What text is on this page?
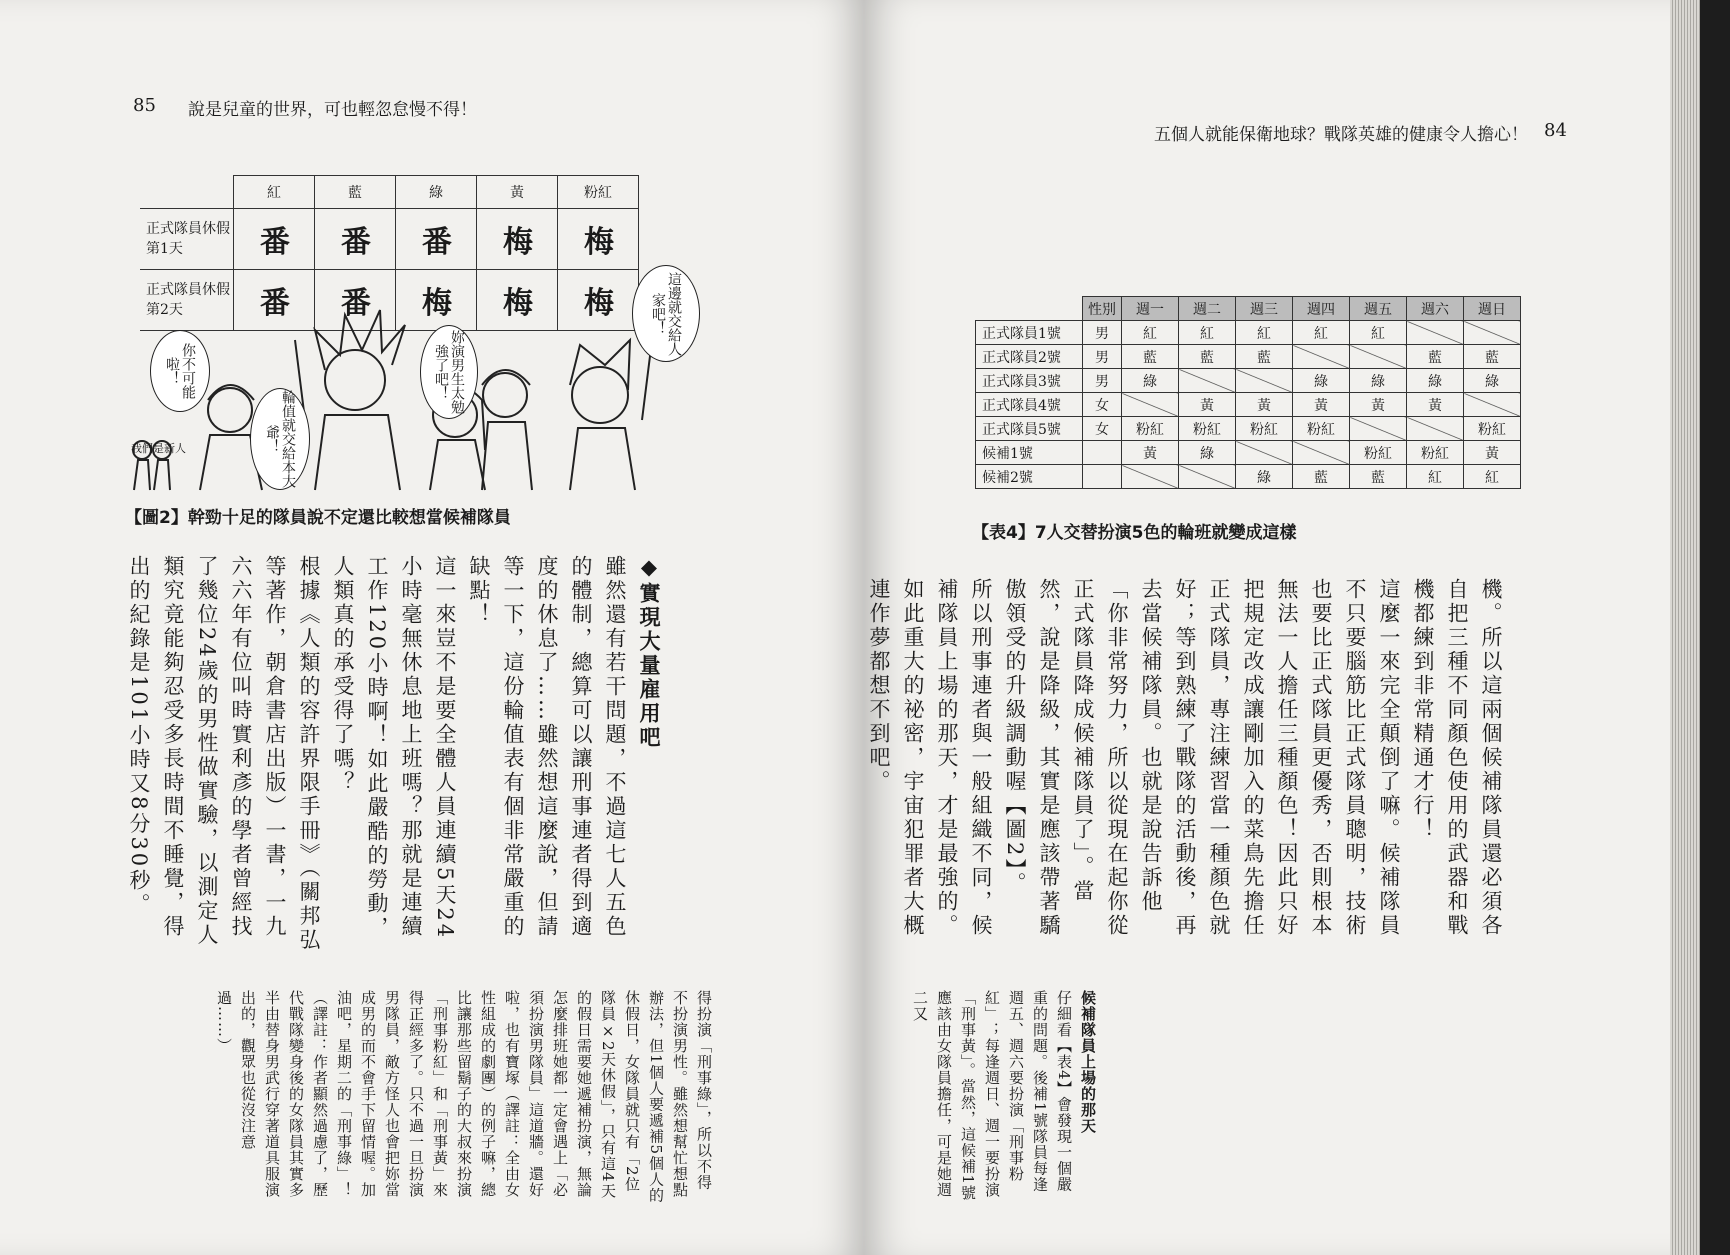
85 說是兒童的世界，可也輕忽怠慢不得！
	紅	藍	綠	黃	粉紅
正式隊員休假第1天	番	番	番	梅	梅
正式隊員休假第2天	番	番	梅	梅	梅
你不可能啦！
輪值就交給本大爺！
妳演男生太勉強了吧！
這邊就交給人家吧！
我們是新人
【圖2】幹勁十足的隊員說不定還比較想當候補隊員

◆實現大量雇用吧

雖然還有若干問題，不過這七人五色的體制，總算可以讓刑事連者得到適度的休息了……雖然想這麼說，但請等一下，這份輪值表有個非常嚴重的缺點！

這一來豈不是要全體人員連續5天24小時毫無休息地上班嗎？那就是連續工作120小時啊！如此嚴酷的勞動，人類真的承受得了嗎？

根據《人類的容許界限手冊》（關邦弘等著作，朝倉書店出版）一書，一九六六年有位叫時實利彥的學者曾經找了幾位24歲的男性做實驗，以測定人類究竟能夠忍受多長時間不睡覺，得出的紀錄是101小時又8分30秒。

得扮演「刑事綠」，所以不得不扮演男性。雖然想幫忙想點辦法，但1個人要遞補5個人的休假日，女隊員就只有「2位隊員×2天休假」，只有這4天的假日需要她遞補扮演，無論怎麼排班她都一定會遇上「必須扮演男隊員」這道牆。還好啦，也有寶塚（譯註：全由女性組成的劇團）的例子嘛，總比讓那些留鬍子的大叔來扮演「刑事粉紅」和「刑事黃」來得正經多了。只不過一旦扮演男隊員，敵方怪人也會把妳當成男的而不會手下留情喔。加油吧，星期二的「刑事綠」！（譯註：作者顯然過慮了，歷代戰隊變身後的女隊員其實多半由替身男武行穿著道具服演出的，觀眾也從沒注意過……）

五個人就能保衛地球？戰隊英雄的健康令人擔心！ 84
【表4】7人交替扮演5色的輪班就變成這樣

機。所以這兩個候補隊員還必須各自把三種不同顏色使用的武器和戰機都練到非常精通才行！

這麼一來完全顛倒了嘛。候補隊員不只要腦筋比正式隊員聰明，技術也要比正式隊員更優秀，否則根本無法一人擔任三種顏色！因此只好把規定改成讓剛加入的菜鳥先擔任正式隊員，專注練習當一種顏色就好；等到熟練了戰隊的活動後，再去當候補隊員。也就是說告訴他「你非常努力，所以從現在起你從正式隊員降成候補隊員了」。當然，說是降級，其實是應該帶著驕傲領受的升級調動喔【圖2】。

所以刑事連者與一般組織不同，候補隊員上場的那天，才是最強的。如此重大的祕密，宇宙犯罪者大概連作夢都想不到吧。

候補隊員上場的那天

仔細看【表4】會發現一個嚴重的問題。後補1號隊員每逢週五、週六要扮演「刑事粉紅」；每逢週日、週一要扮演「刑事黃」。當然，這候補1號應該由女隊員擔任，可是她週二又

	性別	週一	週二	週三	週四	週五	週六	週日
正式隊員1號	男	紅	紅	紅	紅	紅		
正式隊員2號	男	藍	藍	藍			藍	藍
正式隊員3號	男	綠			綠	綠	綠	綠
正式隊員4號	女		黃	黃	黃	黃	黃	
正式隊員5號	女	粉紅	粉紅	粉紅	粉紅			粉紅
候補1號		黃	綠			粉紅	粉紅	黃
候補2號				綠	藍	藍	紅	紅
